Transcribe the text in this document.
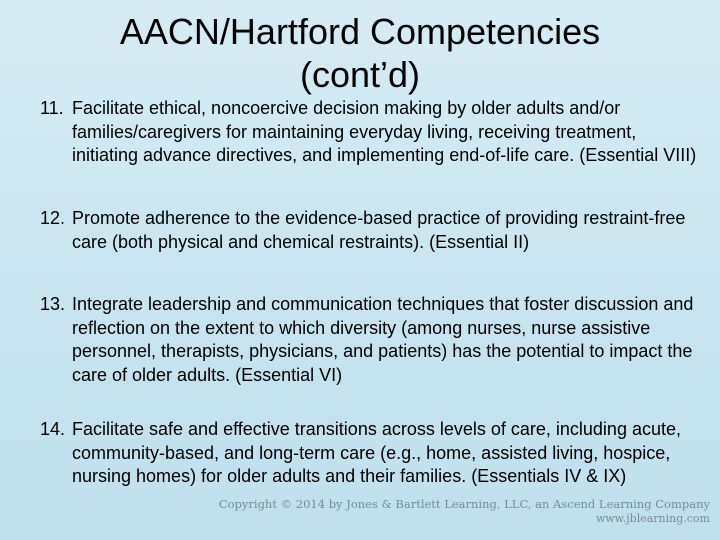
AACN/Hartford Competencies (cont’d)
11. Facilitate ethical, noncoercive decision making by older adults and/or families/caregivers for maintaining everyday living, receiving treatment, initiating advance directives, and implementing end-of-life care. (Essential VIII)
12. Promote adherence to the evidence-based practice of providing restraint-free care (both physical and chemical restraints). (Essential II)
13. Integrate leadership and communication techniques that foster discussion and reflection on the extent to which diversity (among nurses, nurse assistive personnel, therapists, physicians, and patients) has the potential to impact the care of older adults. (Essential VI)
14. Facilitate safe and effective transitions across levels of care, including acute, community-based, and long-term care (e.g., home, assisted living, hospice, nursing homes) for older adults and their families. (Essentials IV & IX)
Copyright © 2014 by Jones & Bartlett Learning, LLC, an Ascend Learning Company
www.jblearning.com
